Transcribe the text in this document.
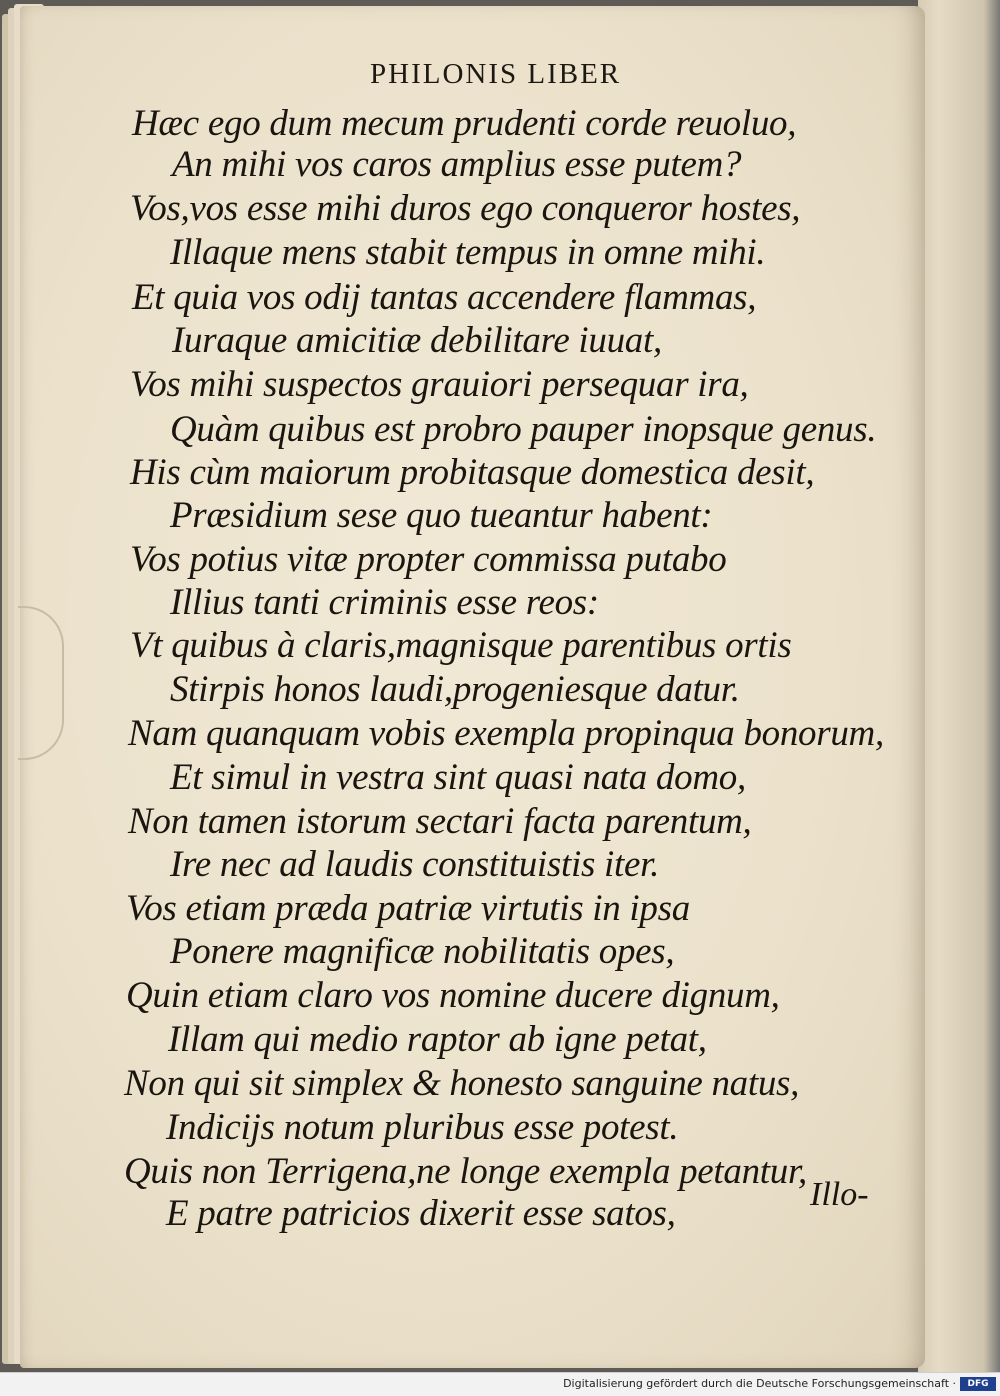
PHILONIS LIBER
Hæc ego dum mecum prudenti corde reuoluo,
An mihi vos caros amplius esse putem?
Vos,vos esse mihi duros ego conqueror hostes,
Illaque mens stabit tempus in omne mihi.
Et quia vos odij tantas accendere flammas,
Iuraque amicitiæ debilitare iuuat,
Vos mihi suspectos grauiori persequar ira,
Quàm quibus est probro pauper inopsque genus.
His cùm maiorum probitasque domestica desit,
Præsidium sese quo tueantur habent:
Vos potius vitæ propter commissa putabo
Illius tanti criminis esse reos:
Vt quibus à claris,magnisque parentibus ortis
Stirpis honos laudi,progeniesque datur.
Nam quanquam vobis exempla propinqua bonorum,
Et simul in vestra sint quasi nata domo,
Non tamen istorum sectari facta parentum,
Ire nec ad laudis constituistis iter.
Vos etiam præda patriæ virtutis in ipsa
Ponere magnificæ nobilitatis opes,
Quin etiam claro vos nomine ducere dignum,
Illam qui medio raptor ab igne petat,
Non qui sit simplex & honesto sanguine natus,
Indicijs notum pluribus esse potest.
Quis non Terrigena,ne longe exempla petantur,
E patre patricios dixerit esse satos,	Illo-
Digitalisierung gefördert durch die Deutsche Forschungsgemeinschaft ·	DFG
